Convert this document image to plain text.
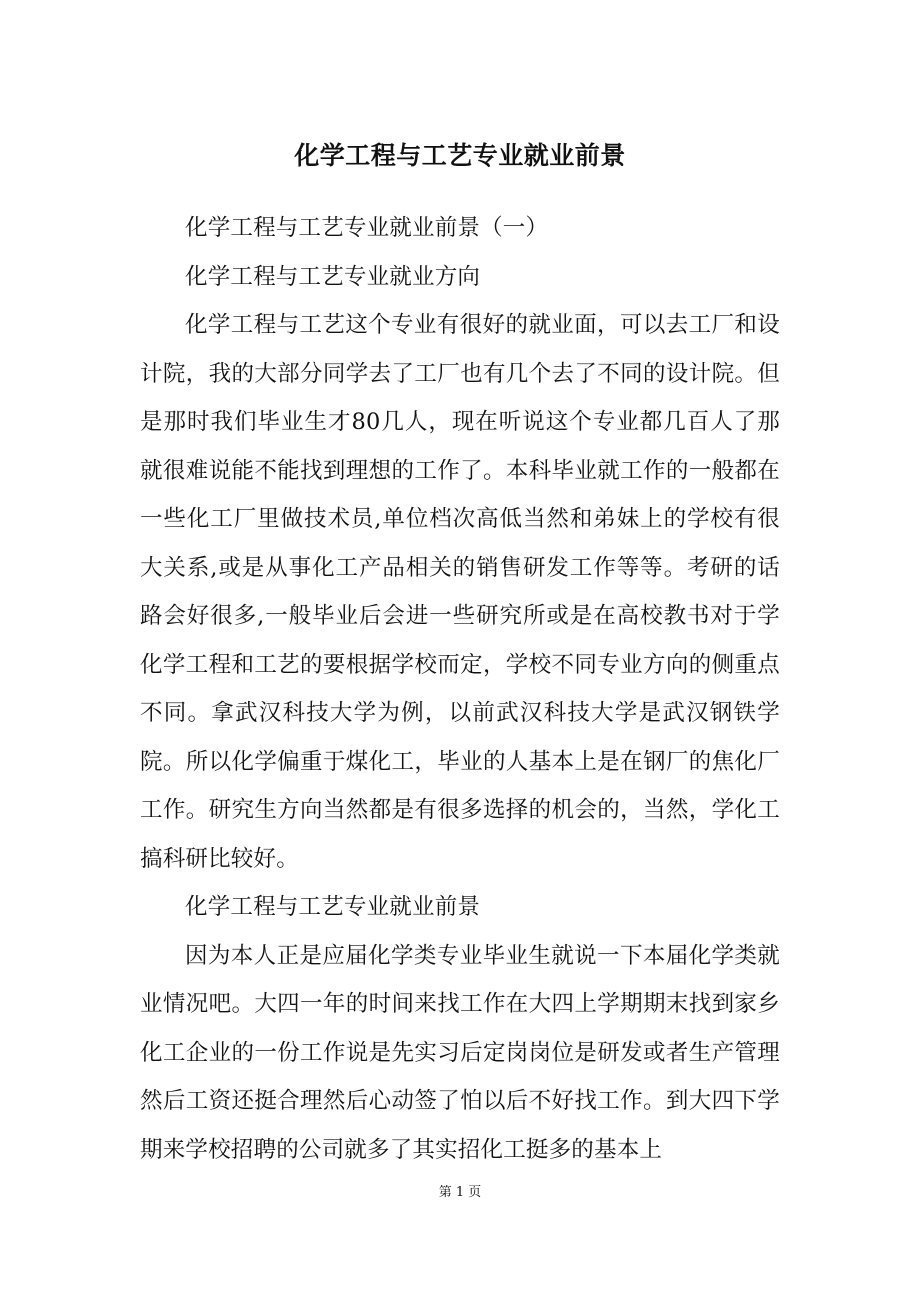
化学工程与工艺专业就业前景

化学工程与工艺专业就业前景（一）

化学工程与工艺专业就业方向

化学工程与工艺这个专业有很好的就业面，可以去工厂和设计院，我的大部分同学去了工厂也有几个去了不同的设计院。但是那时我们毕业生才80几人，现在听说这个专业都几百人了那就很难说能不能找到理想的工作了。本科毕业就工作的一般都在一些化工厂里做技术员,单位档次高低当然和弟妹上的学校有很大关系,或是从事化工产品相关的销售研发工作等等。考研的话路会好很多,一般毕业后会进一些研究所或是在高校教书对于学化学工程和工艺的要根据学校而定，学校不同专业方向的侧重点不同。拿武汉科技大学为例，以前武汉科技大学是武汉钢铁学院。所以化学偏重于煤化工，毕业的人基本上是在钢厂的焦化厂工作。研究生方向当然都是有很多选择的机会的，当然，学化工搞科研比较好。

化学工程与工艺专业就业前景

因为本人正是应届化学类专业毕业生就说一下本届化学类就业情况吧。大四一年的时间来找工作在大四上学期期末找到家乡化工企业的一份工作说是先实习后定岗岗位是研发或者生产管理然后工资还挺合理然后心动签了怕以后不好找工作。到大四下学期来学校招聘的公司就多了其实招化工挺多的基本上

第 1 页
